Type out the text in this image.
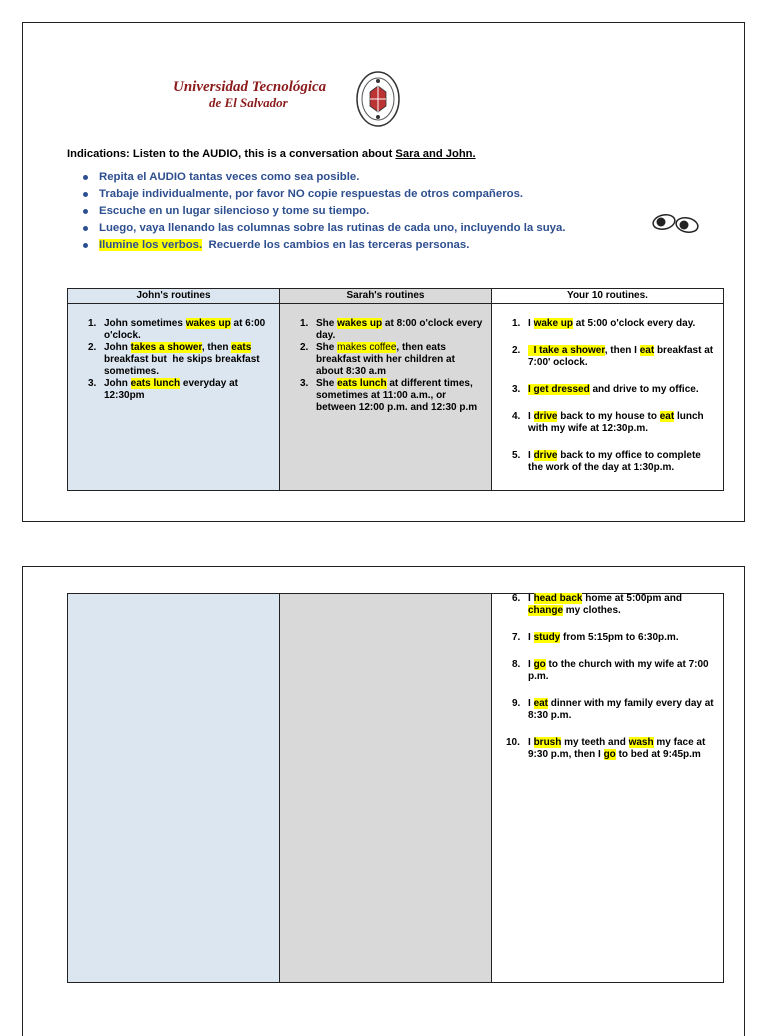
Universidad Tecnológica
de El Salvador
Indications: Listen to the AUDIO, this is a conversation about Sara and John.
Repita el AUDIO tantas veces como sea posible.
Trabaje individualmente, por favor NO copie respuestas de otros compañeros.
Escuche en un lugar silencioso y tome su tiempo.
Luego, vaya llenando las columnas sobre las rutinas de cada uno, incluyendo la suya.
Ilumine los verbos.  Recuerde los cambios en las terceras personas.
John's routines
1. John sometimes wakes up at 6:00 o'clock.
2. John takes a shower, then eats breakfast but  he skips breakfast sometimes.
3. John eats lunch everyday at 12:30pm
Sarah's routines
1. She wakes up at 8:00 o'clock every day.
2. She makes coffee, then eats breakfast with her children at about 8:30 a.m
3. She eats lunch at different times, sometimes at 11:00 a.m., or between 12:00 p.m. and 12:30 p.m
Your 10 routines.
1. I wake up at 5:00 o'clock every day.
2. I take a shower, then I eat breakfast at 7:00' oclock.
3. I get dressed and drive to my office.
4. I drive back to my house to eat lunch with my wife at 12:30p.m.
5. I drive back to my office to complete the work of the day at 1:30p.m.
6. I head back home at 5:00pm and change my clothes.
7. I study from 5:15pm to 6:30p.m.
8. I go to the church with my wife at 7:00 p.m.
9. I eat dinner with my family every day at 8:30 p.m.
10. I brush my teeth and wash my face at 9:30 p.m, then I go to bed at 9:45p.m
